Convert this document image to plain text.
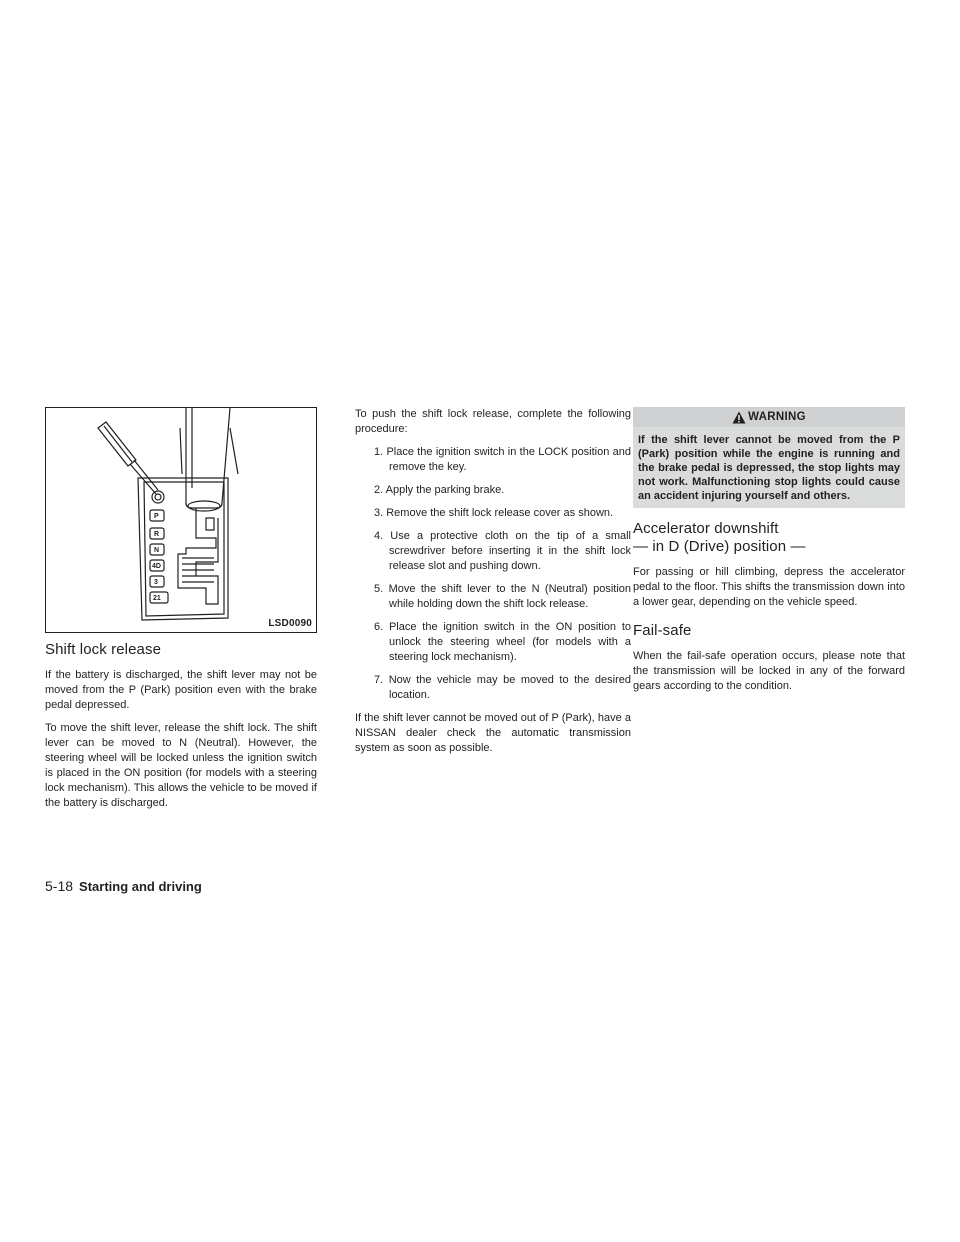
P
R
N
4D
3
21
LSD0090
Shift lock release

If the battery is discharged, the shift lever may not be moved from the P (Park) position even with the brake pedal depressed.

To move the shift lever, release the shift lock. The shift lever can be moved to N (Neutral). However, the steering wheel will be locked unless the ignition switch is placed in the ON position (for models with a steering lock mechanism). This allows the vehicle to be moved if the battery is discharged.

To push the shift lock release, complete the following procedure:

1. Place the ignition switch in the LOCK position and remove the key.
2. Apply the parking brake.
3. Remove the shift lock release cover as shown.
4. Use a protective cloth on the tip of a small screwdriver before inserting it in the shift lock release slot and pushing down.
5. Move the shift lever to the N (Neutral) position while holding down the shift lock release.
6. Place the ignition switch in the ON position to unlock the steering wheel (for models with a steering lock mechanism).
7. Now the vehicle may be moved to the desired location.

If the shift lever cannot be moved out of P (Park), have a NISSAN dealer check the automatic transmission system as soon as possible.

WARNING
If the shift lever cannot be moved from the P (Park) position while the engine is running and the brake pedal is depressed, the stop lights may not work. Malfunctioning stop lights could cause an accident injuring yourself and others.
Accelerator downshift
— in D (Drive) position —

For passing or hill climbing, depress the accelerator pedal to the floor. This shifts the transmission down into a lower gear, depending on the vehicle speed.

Fail-safe

When the fail-safe operation occurs, please note that the transmission will be locked in any of the forward gears according to the condition.

5-18 Starting and driving
